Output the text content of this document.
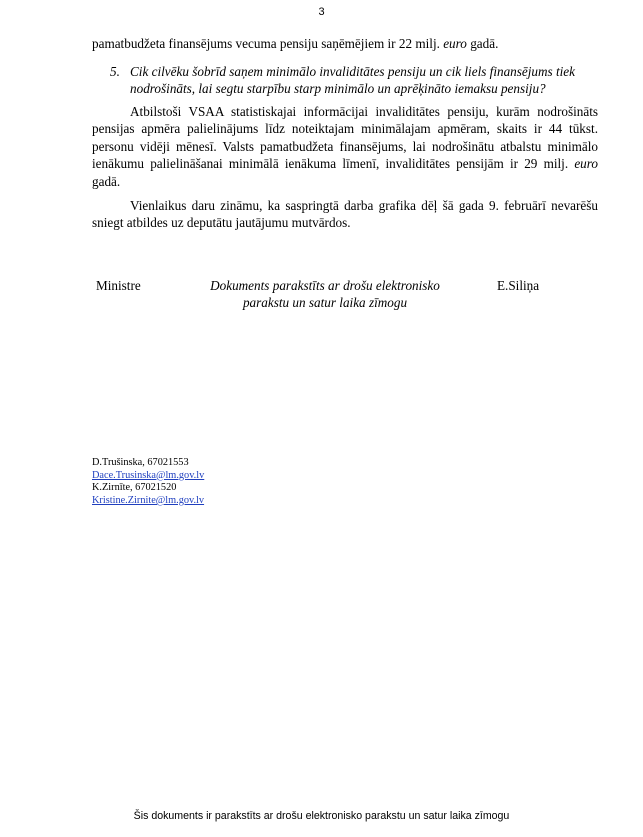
3
pamatbudžeta finansējums vecuma pensiju saņēmējiem ir 22 milj. euro gadā.
5. Cik cilvēku šobrīd saņem minimālo invaliditātes pensiju un cik liels finansējums tiek nodrošināts, lai segtu starpību starp minimālo un aprēķināto iemaksu pensiju?
Atbilstoši VSAA statistiskajai informācijai invaliditātes pensiju, kurām nodrošināts pensijas apmēra palielinājums līdz noteiktajam minimālajam apmēram, skaits ir 44 tūkst. personu vidēji mēnesī. Valsts pamatbudžeta finansējums, lai nodrošinātu atbalstu minimālo ienākumu palielināšanai minimālā ienākuma līmenī, invaliditātes pensijām ir 29 milj. euro gadā.
Vienlaikus daru zināmu, ka saspringtā darba grafika dēļ šā gada 9. februārī nevarēšu sniegt atbildes uz deputātu jautājumu mutvārdos.
Ministre	Dokuments parakstīts ar drošu elektronisko
parakstu un satur laika zīmogu
E.Siliņa
D.Trušinska, 67021553
Dace.Trusinska@lm.gov.lv
K.Zirnīte, 67021520
Kristine.Zirnite@lm.gov.lv
Šis dokuments ir parakstīts ar drošu elektronisko parakstu un satur laika zīmogu
